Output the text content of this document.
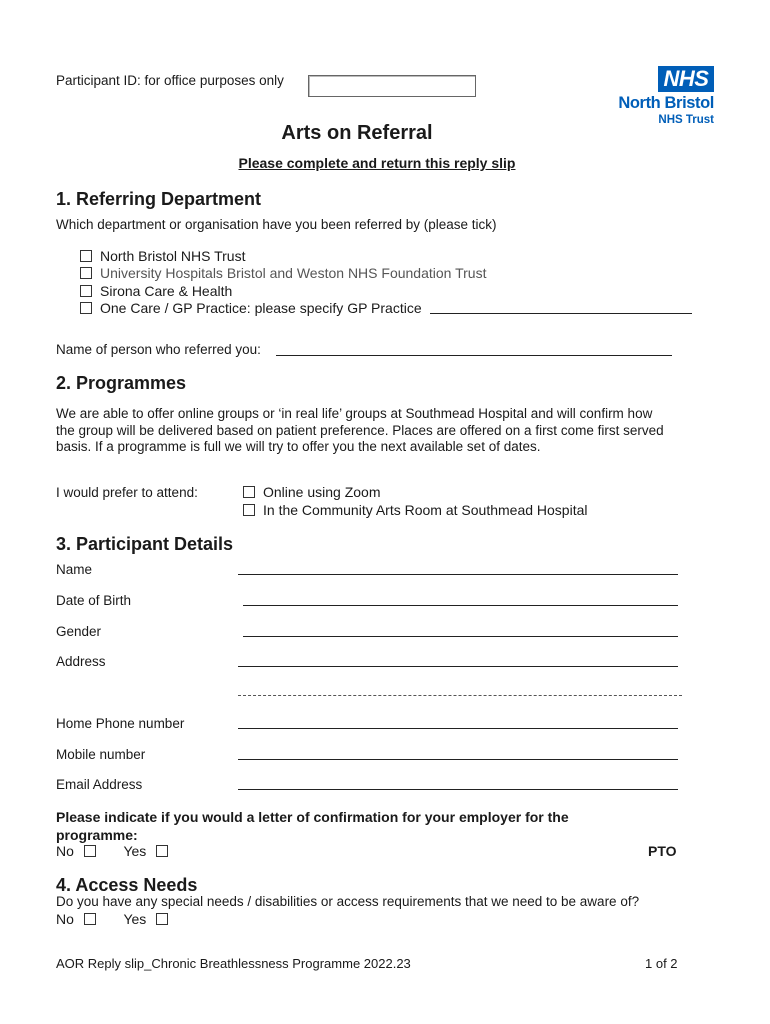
Participant ID: for office purposes only	NHS
North Bristol
NHS Trust
Arts on Referral
Please complete and return this reply slip
1. Referring Department
Which department or organisation have you been referred by (please tick)
North Bristol NHS Trust
University Hospitals Bristol and Weston NHS Foundation Trust
Sirona Care & Health
One Care / GP Practice: please specify GP Practice
Name of person who referred you:
2. Programmes
We are able to offer online groups or ‘in real life’ groups at Southmead Hospital and will confirm how
the group will be delivered based on patient preference. Places are offered on a first come first served
basis. If a programme is full we will try to offer you the next available set of dates.
I would prefer to attend:	Online using Zoom
In the Community Arts Room at Southmead Hospital
3. Participant Details
Name
Date of Birth
Gender
Address
Home Phone number
Mobile number
Email Address
Please indicate if you would a letter of confirmation for your employer for the
programme:
No	Yes	PTO
4. Access Needs
Do you have any special needs / disabilities or access requirements that we need to be aware of?
No	Yes
AOR Reply slip_Chronic Breathlessness Programme 2022.23	1 of 2
